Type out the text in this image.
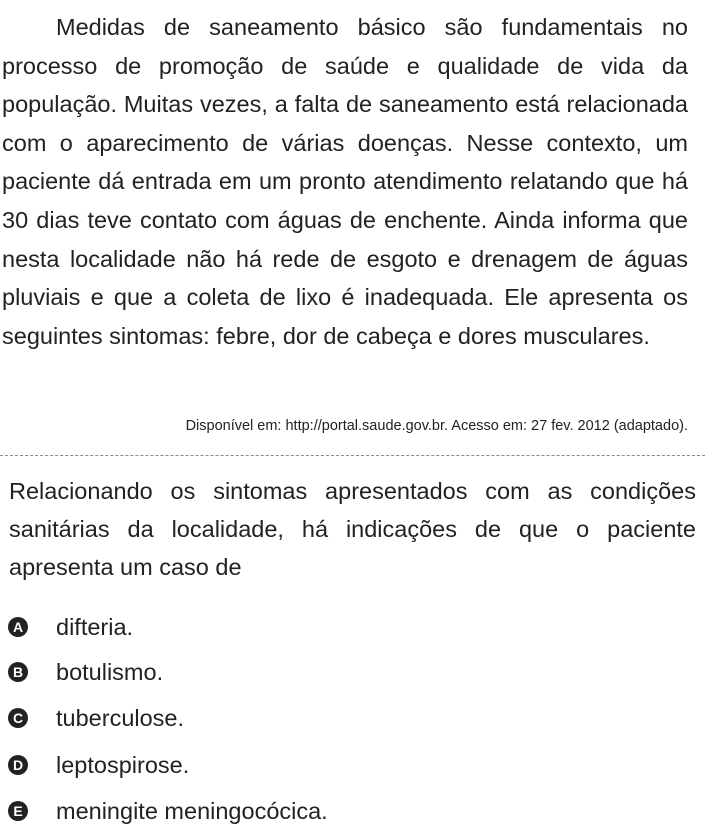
Medidas de saneamento básico são fundamentais no processo de promoção de saúde e qualidade de vida da população. Muitas vezes, a falta de saneamento está relacionada com o aparecimento de várias doenças. Nesse contexto, um paciente dá entrada em um pronto atendimento relatando que há 30 dias teve contato com águas de enchente. Ainda informa que nesta localidade não há rede de esgoto e drenagem de águas pluviais e que a coleta de lixo é inadequada. Ele apresenta os seguintes sintomas: febre, dor de cabeça e dores musculares.

Disponível em: http://portal.saude.gov.br. Acesso em: 27 fev. 2012 (adaptado).

Relacionando os sintomas apresentados com as condições sanitárias da localidade, há indicações de que o paciente apresenta um caso de

A difteria.
B botulismo.
C tuberculose.
D leptospirose.
E meningite meningocócica.
